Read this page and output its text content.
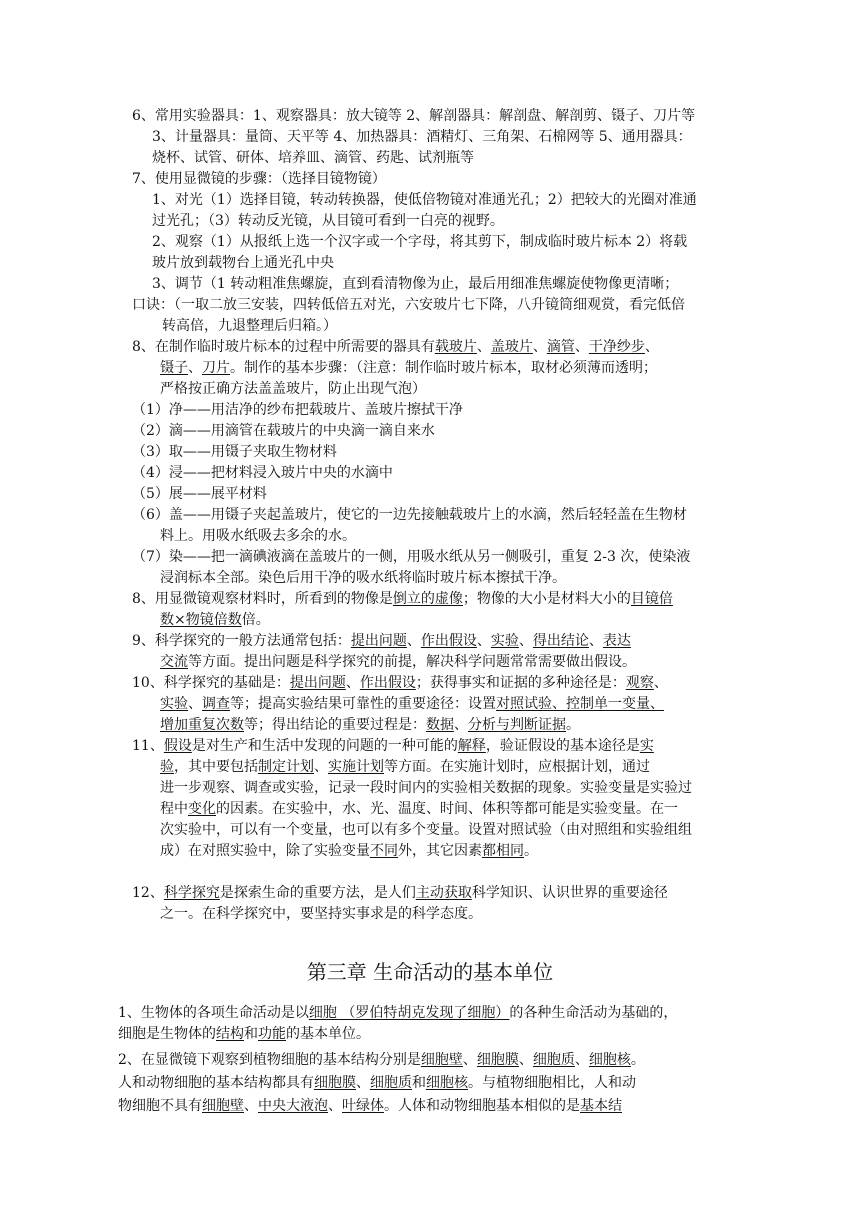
6、常用实验器具：1、观察器具：放大镜等 2、解剖器具：解剖盘、解剖剪、镊子、刀片等
3、计量器具：量筒、天平等 4、加热器具：酒精灯、三角架、石棉网等 5、通用器具：
烧杯、试管、研体、培养皿、滴管、药匙、试剂瓶等
7、使用显微镜的步骤：（选择目镜物镜）
1、对光（1）选择目镜，转动转换器，使低倍物镜对准通光孔；2）把较大的光圈对准通
过光孔；（3）转动反光镜，从目镜可看到一白亮的视野。
2、观察（1）从报纸上选一个汉字或一个字母，将其剪下，制成临时玻片标本 2）将载
玻片放到载物台上通光孔中央
3、调节（1 转动粗准焦螺旋，直到看清物像为止，最后用细准焦螺旋使物像更清晰；
口诀：（一取二放三安装，四转低倍五对光，六安玻片七下降，八升镜筒细观赏，看完低倍
转高倍，九退整理后归箱。）
8、在制作临时玻片标本的过程中所需要的器具有载玻片、盖玻片、滴管、干净纱步、
镊子、刀片。制作的基本步骤：（注意：制作临时玻片标本，取材必须薄而透明；
严格按正确方法盖盖玻片，防止出现气泡）
（1）净——用洁净的纱布把载玻片、盖玻片擦拭干净
（2）滴——用滴管在载玻片的中央滴一滴自来水
（3）取——用镊子夹取生物材料
（4）浸——把材料浸入玻片中央的水滴中
（5）展——展平材料
（6）盖——用镊子夹起盖玻片，使它的一边先接触载玻片上的水滴，然后轻轻盖在生物材
料上。用吸水纸吸去多余的水。
（7）染——把一滴碘液滴在盖玻片的一侧，用吸水纸从另一侧吸引，重复 2-3 次，使染液
浸润标本全部。染色后用干净的吸水纸将临时玻片标本擦拭干净。
8、用显微镜观察材料时，所看到的物像是倒立的虚像；物像的大小是材料大小的目镜倍
数×物镜倍数倍。
9、科学探究的一般方法通常包括：提出问题、作出假设、实验、得出结论、表达
交流等方面。提出问题是科学探究的前提，解决科学问题常常需要做出假设。
10、科学探究的基础是：提出问题、作出假设；获得事实和证据的多种途径是：观察、
实验、调查等；提高实验结果可靠性的重要途径：设置对照试验、控制单一变量、
增加重复次数等；得出结论的重要过程是：数据、分析与判断证据。
11、假设是对生产和生活中发现的问题的一种可能的解释，验证假设的基本途径是实
验，其中要包括制定计划、实施计划等方面。在实施计划时，应根据计划，通过
进一步观察、调查或实验，记录一段时间内的实验相关数据的现象。实验变量是实验过
程中变化的因素。在实验中，水、光、温度、时间、体积等都可能是实验变量。在一
次实验中，可以有一个变量，也可以有多个变量。设置对照试验（由对照组和实验组组
成）在对照实验中，除了实验变量不同外，其它因素都相同。
12、科学探究是探索生命的重要方法，是人们主动获取科学知识、认识世界的重要途径
之一。在科学探究中，要坚持实事求是的科学态度。
第三章 生命活动的基本单位
1、生物体的各项生命活动是以细胞 （罗伯特胡克发现了细胞）的各种生命活动为基础的，
细胞是生物体的结构和功能的基本单位。
2、在显微镜下观察到植物细胞的基本结构分别是细胞壁、细胞膜、细胞质、细胞核。
人和动物细胞的基本结构都具有细胞膜、细胞质和细胞核。与植物细胞相比，人和动
物细胞不具有细胞壁、中央大液泡、叶绿体。人体和动物细胞基本相似的是基本结
